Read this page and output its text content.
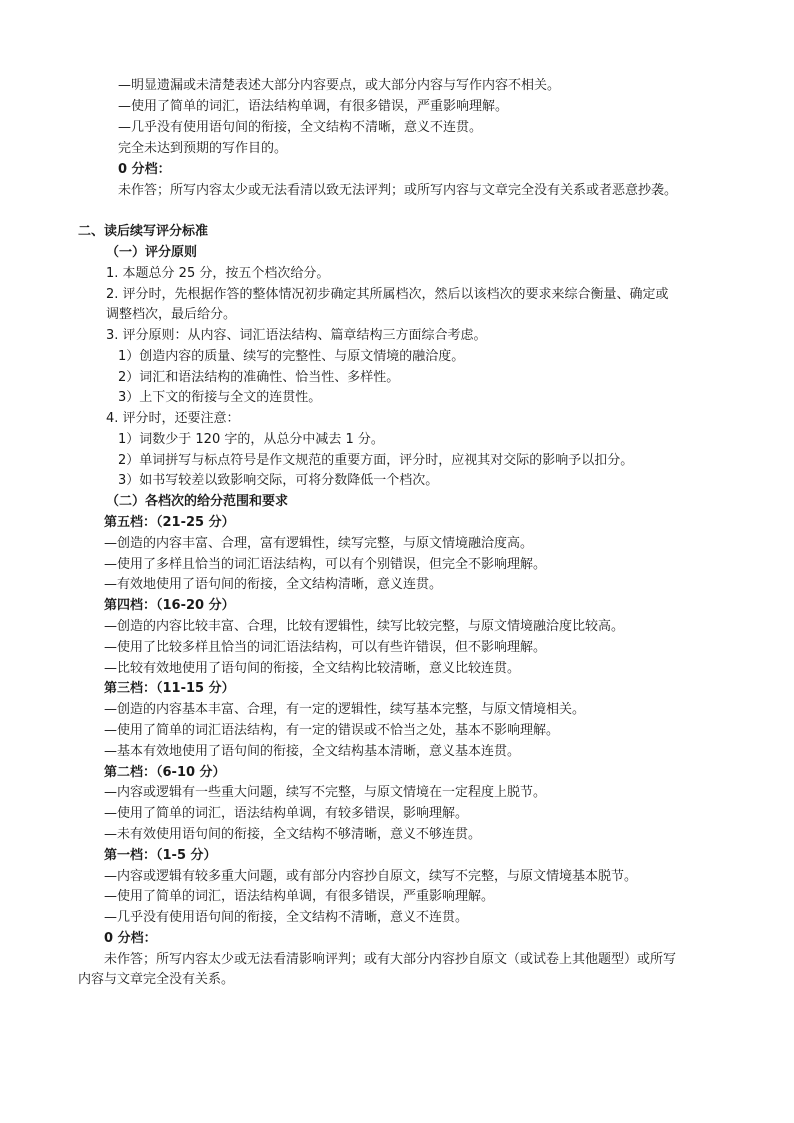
—明显遗漏或未清楚表述大部分内容要点，或大部分内容与写作内容不相关。
—使用了简单的词汇，语法结构单调，有很多错误，严重影响理解。
—几乎没有使用语句间的衔接，全文结构不清晰，意义不连贯。
完全未达到预期的写作目的。
0 分档：
未作答；所写内容太少或无法看清以致无法评判；或所写内容与文章完全没有关系或者恶意抄袭。
二、读后续写评分标准
（一）评分原则
1. 本题总分 25 分，按五个档次给分。
2. 评分时，先根据作答的整体情况初步确定其所属档次，然后以该档次的要求来综合衡量、确定或
调整档次，最后给分。
3. 评分原则：从内容、词汇语法结构、篇章结构三方面综合考虑。
1）创造内容的质量、续写的完整性、与原文情境的融洽度。
2）词汇和语法结构的准确性、恰当性、多样性。
3）上下文的衔接与全文的连贯性。
4. 评分时，还要注意：
1）词数少于 120 字的，从总分中减去 1 分。
2）单词拼写与标点符号是作文规范的重要方面，评分时，应视其对交际的影响予以扣分。
3）如书写较差以致影响交际，可将分数降低一个档次。
（二）各档次的给分范围和要求
第五档：（21-25 分）
—创造的内容丰富、合理，富有逻辑性，续写完整，与原文情境融洽度高。
—使用了多样且恰当的词汇语法结构，可以有个别错误，但完全不影响理解。
—有效地使用了语句间的衔接，全文结构清晰，意义连贯。
第四档：（16-20 分）
—创造的内容比较丰富、合理，比较有逻辑性，续写比较完整，与原文情境融洽度比较高。
—使用了比较多样且恰当的词汇语法结构，可以有些许错误，但不影响理解。
—比较有效地使用了语句间的衔接，全文结构比较清晰，意义比较连贯。
第三档：（11-15 分）
—创造的内容基本丰富、合理，有一定的逻辑性，续写基本完整，与原文情境相关。
—使用了简单的词汇语法结构，有一定的错误或不恰当之处，基本不影响理解。
—基本有效地使用了语句间的衔接，全文结构基本清晰，意义基本连贯。
第二档：（6-10 分）
—内容或逻辑有一些重大问题，续写不完整，与原文情境在一定程度上脱节。
—使用了简单的词汇，语法结构单调，有较多错误，影响理解。
—未有效使用语句间的衔接，全文结构不够清晰，意义不够连贯。
第一档：（1-5 分）
—内容或逻辑有较多重大问题，或有部分内容抄自原文，续写不完整，与原文情境基本脱节。
—使用了简单的词汇，语法结构单调，有很多错误，严重影响理解。
—几乎没有使用语句间的衔接，全文结构不清晰，意义不连贯。
0 分档：
未作答；所写内容太少或无法看清影响评判；或有大部分内容抄自原文（或试卷上其他题型）或所写
内容与文章完全没有关系。
